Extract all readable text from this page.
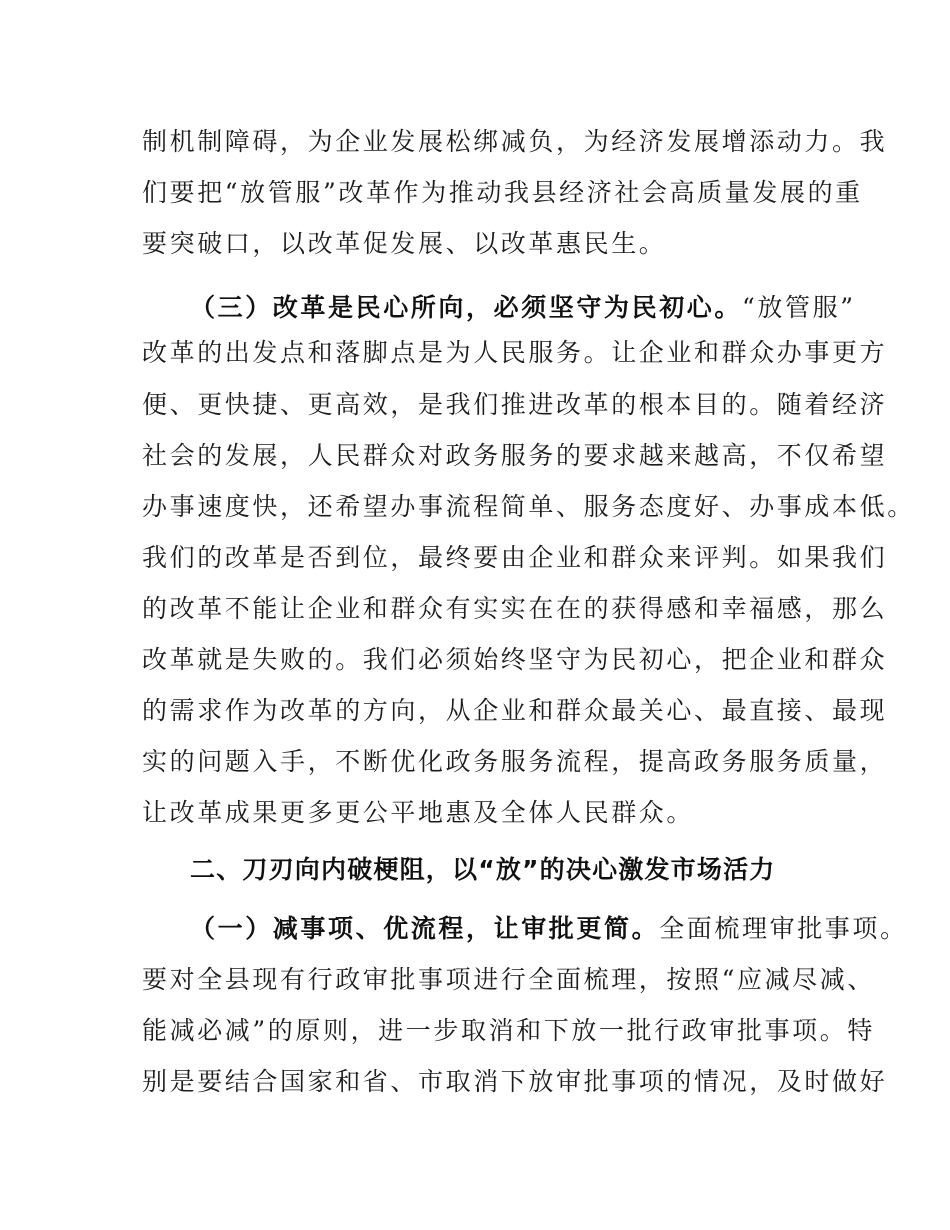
制机制障碍，为企业发展松绑减负，为经济发展增添动力。我
们要把“放管服”改革作为推动我县经济社会高质量发展的重
要突破口，以改革促发展、以改革惠民生。
（三）改革是民心所向，必须坚守为民初心。“放管服”
改革的出发点和落脚点是为人民服务。让企业和群众办事更方
便、更快捷、更高效，是我们推进改革的根本目的。随着经济
社会的发展，人民群众对政务服务的要求越来越高，不仅希望
办事速度快，还希望办事流程简单、服务态度好、办事成本低。
我们的改革是否到位，最终要由企业和群众来评判。如果我们
的改革不能让企业和群众有实实在在的获得感和幸福感，那么
改革就是失败的。我们必须始终坚守为民初心，把企业和群众
的需求作为改革的方向，从企业和群众最关心、最直接、最现
实的问题入手，不断优化政务服务流程，提高政务服务质量，
让改革成果更多更公平地惠及全体人民群众。
二、刀刃向内破梗阻，以“放”的决心激发市场活力
（一）减事项、优流程，让审批更简。全面梳理审批事项。
要对全县现有行政审批事项进行全面梳理，按照“应减尽减、
能减必减”的原则，进一步取消和下放一批行政审批事项。特
别是要结合国家和省、市取消下放审批事项的情况，及时做好
